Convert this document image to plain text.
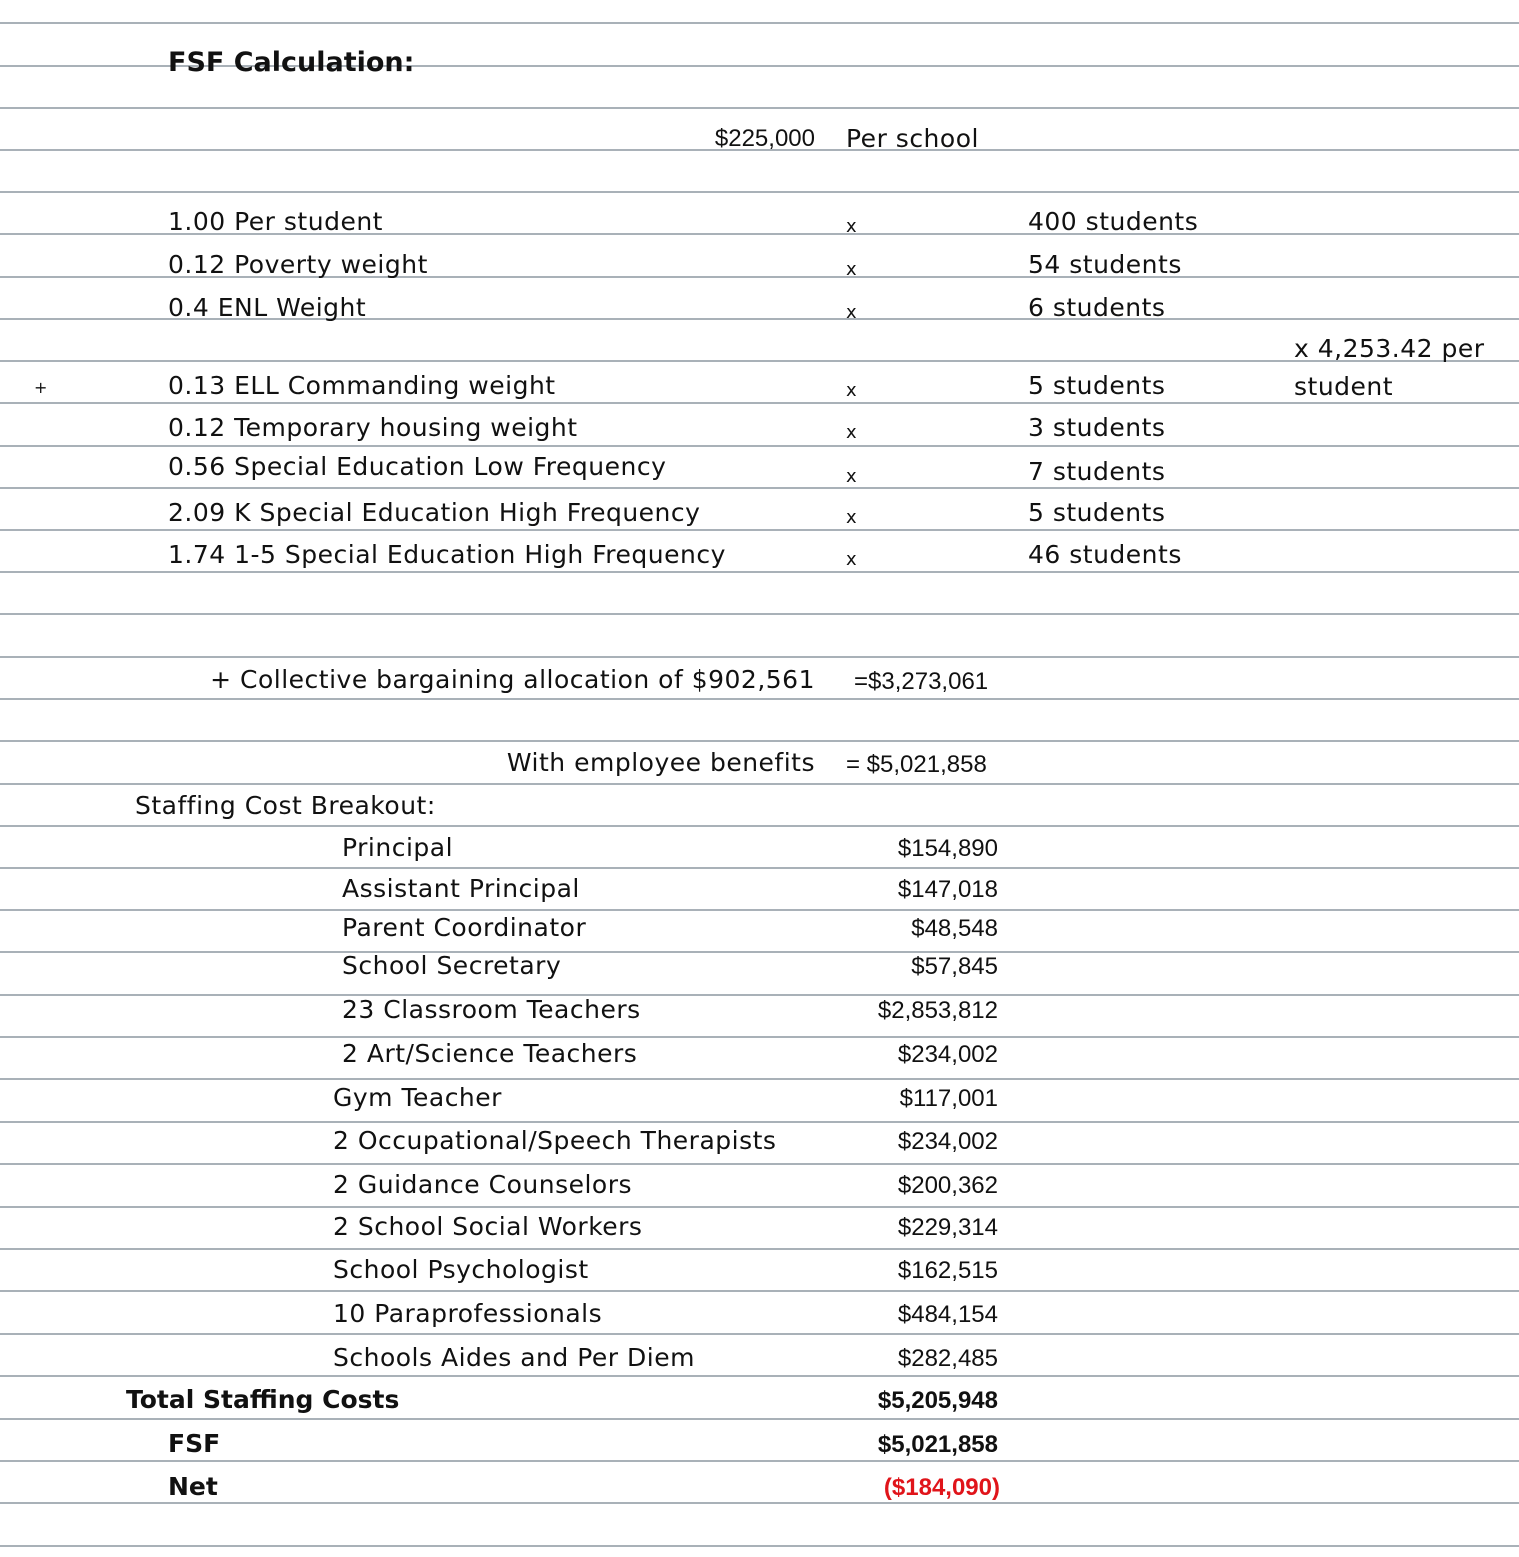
FSF Calculation:
$225,000 Per school
1.00 Per student	x	400 students
0.12 Poverty weight	x	54 students
0.4 ENL Weight	x	6 students
+	0.13 ELL Commanding weight	x	5 students
0.12 Temporary housing weight	x	3 students
0.56 Special Education Low Frequency	x	7 students
2.09 K Special Education High Frequency	x	5 students
1.74 1-5 Special Education High Frequency	x	46 students
x 4,253.42 per
student
+ Collective bargaining allocation of $902,561 =$3,273,061
With employee benefits = $5,021,858
Staffing Cost Breakout:
Principal	$154,890
Assistant Principal	$147,018
Parent Coordinator	$48,548
School Secretary	$57,845
23 Classroom Teachers	$2,853,812
2 Art/Science Teachers	$234,002
Gym Teacher	$117,001
2 Occupational/Speech Therapists	$234,002
2 Guidance Counselors	$200,362
2 School Social Workers	$229,314
School Psychologist	$162,515
10 Paraprofessionals	$484,154
Schools Aides and Per Diem	$282,485
Total Staffing Costs	$5,205,948
FSF	$5,021,858
Net	($184,090)
